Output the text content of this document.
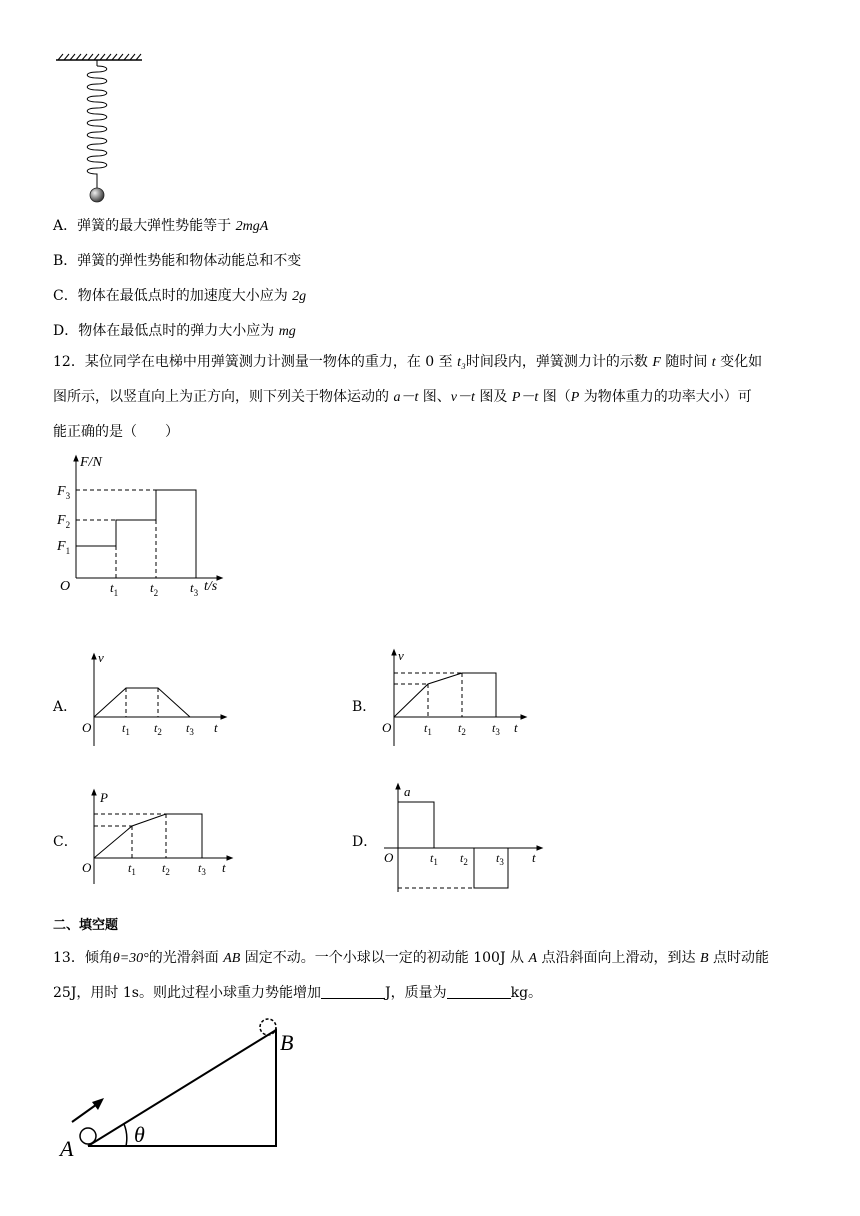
A．弹簧的最大弹性势能等于 2mgA
B．弹簧的弹性势能和物体动能总和不变
C．物体在最低点时的加速度大小应为 2g
D．物体在最低点时的弹力大小应为 mg
12．某位同学在电梯中用弹簧测力计测量一物体的重力，在 0 至 t₃时间段内，弹簧测力计的示数 F 随时间 t 变化如
图所示，以竖直向上为正方向，则下列关于物体运动的 a－t 图、v－t 图及 P－t 图（P 为物体重力的功率大小）可
能正确的是（　　）
F/N
O	t/s
$F_3$
$F_2$
$F_1$
$t_1$ $t_2$ $t_3$
A．
v
O	t
$t_1$ $t_2$ $t_3$
B．
v
O	t
$t_1$ $t_2$ $t_3$
C．
P
O	t
$t_1$ $t_2$ $t_3$
D．
a
O	t
$t_1$ $t_2$ $t_3$
二、填空题
13．倾角θ=30°的光滑斜面 AB 固定不动。一个小球以一定的初动能 100J 从 A 点沿斜面向上滑动，到达 B 点时动能
25J，用时 1s。则此过程小球重力势能增加	J，质量为	kg。
A
B
θ
